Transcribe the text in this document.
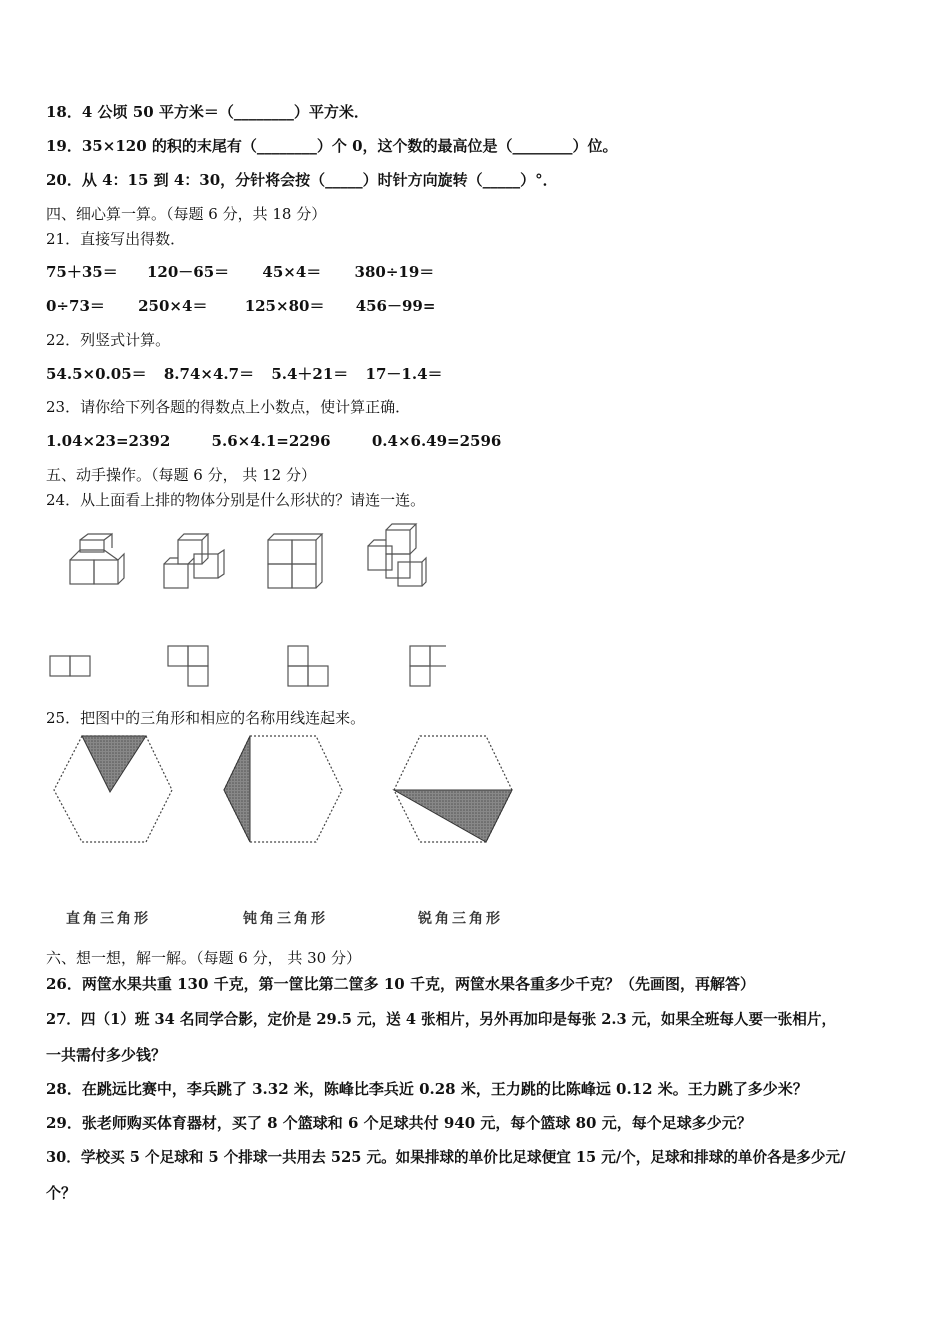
18．4 公顷 50 平方米＝（________）平方米．
19．35×120 的积的末尾有（________）个 0，这个数的最高位是（________）位。
20．从 4：15 到 4：30，分针将会按（_____）时针方向旋转（_____）°．
四、细心算一算。（每题 6 分，共 18 分）
21．直接写出得数．
75＋35＝ 120－65＝ 45×4＝ 380÷19＝
0÷73＝ 250×4＝ 125×80＝ 456－99=
22．列竖式计算。
54.5×0.05＝ 8.74×4.7＝ 5.4＋21＝ 17－1.4＝
23．请你给下列各题的得数点上小数点，使计算正确．
1.04×23=2392	5.6×4.1=2296	0.4×6.49=2596
五、动手操作。（每题 6 分， 共 12 分）
24．从上面看上排的物体分别是什么形状的？请连一连。
25．把图中的三角形和相应的名称用线连起来。
直角三角形	钝角三角形	锐角三角形
六、想一想，解一解。（每题 6 分， 共 30 分）
26．两筐水果共重 130 千克，第一筐比第二筐多 10 千克，两筐水果各重多少千克？（先画图，再解答）
27．四（1）班 34 名同学合影，定价是 29.5 元，送 4 张相片，另外再加印是每张 2.3 元，如果全班每人要一张相片，
一共需付多少钱？
28．在跳远比赛中，李兵跳了 3.32 米，陈峰比李兵近 0.28 米，王力跳的比陈峰远 0.12 米。王力跳了多少米？
29．张老师购买体育器材，买了 8 个篮球和 6 个足球共付 940 元，每个篮球 80 元，每个足球多少元？
30．学校买 5 个足球和 5 个排球一共用去 525 元。如果排球的单价比足球便宜 15 元/个，足球和排球的单价各是多少元/
个？
